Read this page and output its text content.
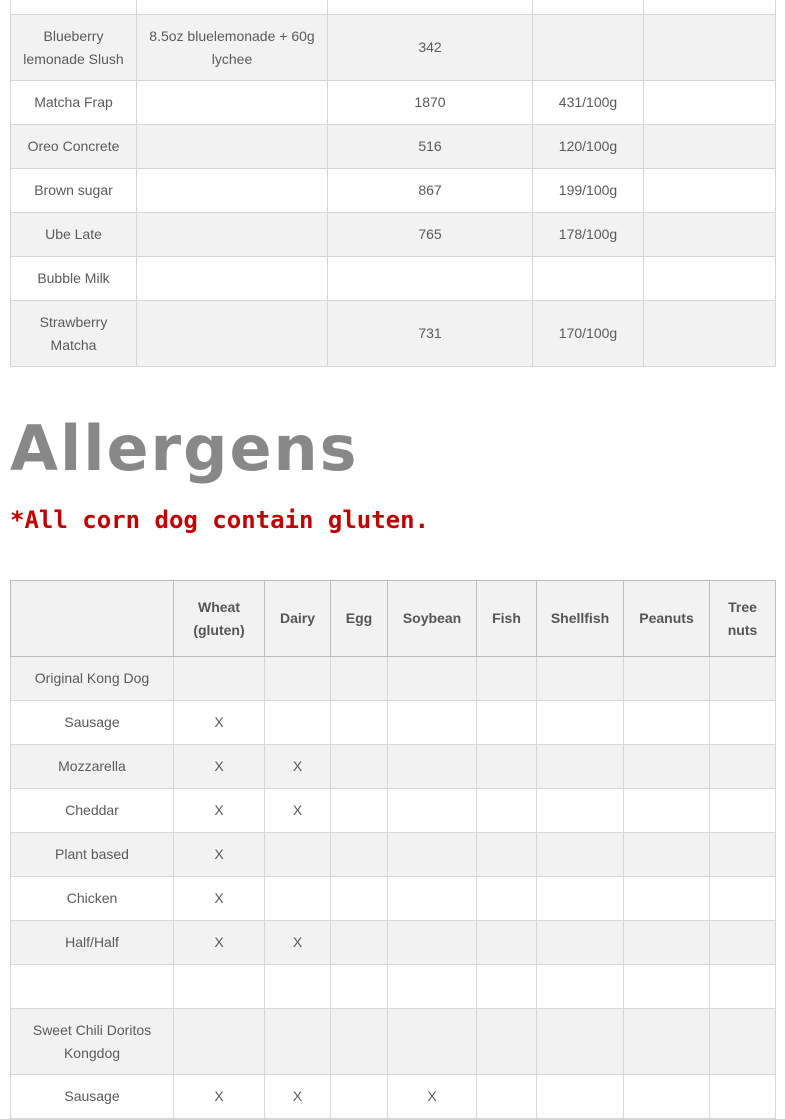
Blueberry lemonade Slush	8.5oz bluelemonade + 60g lychee	342		
Matcha Frap		1870	431/100g	
Oreo Concrete		516	120/100g	
Brown sugar		867	199/100g	
Ube Late		765	178/100g	
Bubble Milk				
Strawberry Matcha		731	170/100g	
Allergens

*All corn dog contain gluten.

	Wheat (gluten)	Dairy	Egg	Soybean	Fish	Shellfish	Peanuts	Tree nuts
Original Kong Dog								
Sausage	X							
Mozzarella	X	X						
Cheddar	X	X						
Plant based	X							
Chicken	X							
Half/Half	X	X						

Sweet Chili Doritos Kongdog								
Sausage	X	X		X				
